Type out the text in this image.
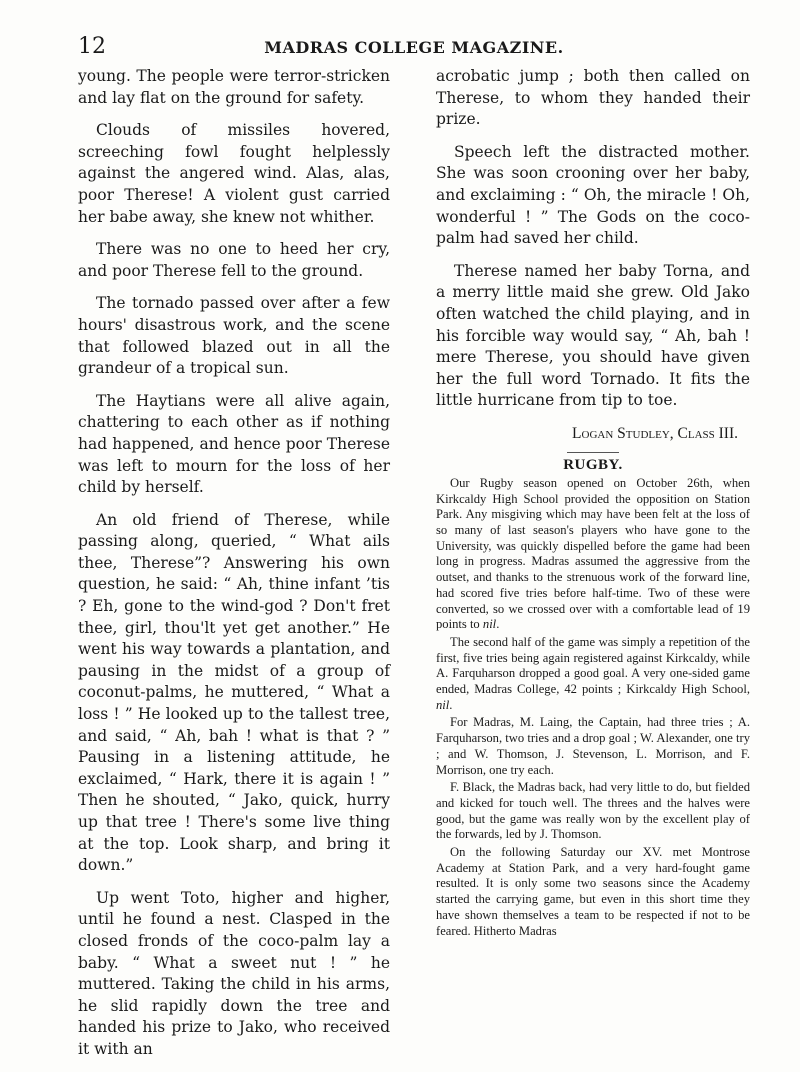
12	MADRAS COLLEGE MAGAZINE.

young. The people were terror-stricken and lay flat on the ground for safety.

Clouds of missiles hovered, screeching fowl fought helplessly against the angered wind. Alas, alas, poor Therese! A violent gust carried her babe away, she knew not whither.

There was no one to heed her cry, and poor Therese fell to the ground.

The tornado passed over after a few hours' disastrous work, and the scene that followed blazed out in all the grandeur of a tropical sun.

The Haytians were all alive again, chattering to each other as if nothing had happened, and hence poor Therese was left to mourn for the loss of her child by herself.

An old friend of Therese, while passing along, queried, “ What ails thee, Therese”? Answering his own question, he said: “ Ah, thine infant ’tis ? Eh, gone to the wind-god ? Don't fret thee, girl, thou'lt yet get another.” He went his way towards a plantation, and pausing in the midst of a group of coconut-palms, he muttered, “ What a loss ! ” He looked up to the tallest tree, and said, “ Ah, bah ! what is that ? ” Pausing in a listening attitude, he exclaimed, “ Hark, there it is again ! ” Then he shouted, “ Jako, quick, hurry up that tree ! There's some live thing at the top. Look sharp, and bring it down.”

Up went Toto, higher and higher, until he found a nest. Clasped in the closed fronds of the coco-palm lay a baby. “ What a sweet nut ! ” he muttered. Taking the child in his arms, he slid rapidly down the tree and handed his prize to Jako, who received it with an

acrobatic jump ; both then called on Therese, to whom they handed their prize.

Speech left the distracted mother. She was soon crooning over her baby, and exclaiming : “ Oh, the miracle ! Oh, wonderful ! ” The Gods on the coco-palm had saved her child.

Therese named her baby Torna, and a merry little maid she grew. Old Jako often watched the child playing, and in his forcible way would say, “ Ah, bah ! mere Therese, you should have given her the full word Tornado. It fits the little hurricane from tip to toe.

Logan Studley, Class III.
RUGBY.

Our Rugby season opened on October 26th, when Kirkcaldy High School provided the opposition on Station Park. Any misgiving which may have been felt at the loss of so many of last season's players who have gone to the University, was quickly dispelled before the game had been long in progress. Madras assumed the aggressive from the outset, and thanks to the strenuous work of the forward line, had scored five tries before half-time. Two of these were converted, so we crossed over with a comfortable lead of 19 points to nil.

The second half of the game was simply a repetition of the first, five tries being again registered against Kirkcaldy, while A. Farquharson dropped a good goal. A very one-sided game ended, Madras College, 42 points ; Kirkcaldy High School, nil.

For Madras, M. Laing, the Captain, had three tries ; A. Farquharson, two tries and a drop goal ; W. Alexander, one try ; and W. Thomson, J. Stevenson, L. Morrison, and F. Morrison, one try each.

F. Black, the Madras back, had very little to do, but fielded and kicked for touch well. The threes and the halves were good, but the game was really won by the excellent play of the forwards, led by J. Thomson.

On the following Saturday our XV. met Montrose Academy at Station Park, and a very hard-fought game resulted. It is only some two seasons since the Academy started the carrying game, but even in this short time they have shown themselves a team to be respected if not to be feared. Hitherto Madras
